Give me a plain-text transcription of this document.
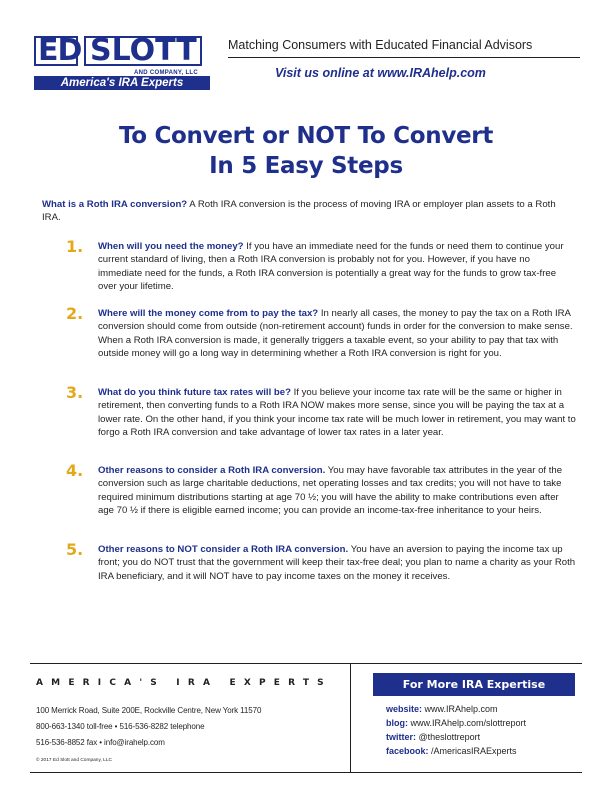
ED SLOTT
AND COMPANY, LLC
America's IRA Experts
Matching Consumers with Educated Financial Advisors
Visit us online at www.IRAhelp.com
To Convert or NOT To Convert
In 5 Easy Steps
What is a Roth IRA conversion? A Roth IRA conversion is the process of moving IRA or employer plan assets to a Roth IRA.
1. When will you need the money? If you have an immediate need for the funds or need them to continue your current standard of living, then a Roth IRA conversion is probably not for you. However, if you have no immediate need for the funds, a Roth IRA conversion is potentially a great way for the funds to grow tax-free over your lifetime.
2. Where will the money come from to pay the tax? In nearly all cases, the money to pay the tax on a Roth IRA conversion should come from outside (non-retirement account) funds in order for the conversion to make sense. When a Roth IRA conversion is made, it generally triggers a taxable event, so your ability to pay that tax with outside money will go a long way in determining whether a Roth IRA conversion is right for you.
3. What do you think future tax rates will be? If you believe your income tax rate will be the same or higher in retirement, then converting funds to a Roth IRA NOW makes more sense, since you will be paying the tax at a lower rate. On the other hand, if you think your income tax rate will be much lower in retirement, you may want to forgo a Roth IRA conversion and take advantage of lower tax rates in a later year.
4. Other reasons to consider a Roth IRA conversion. You may have favorable tax attributes in the year of the conversion such as large charitable deductions, net operating losses and tax credits; you will not have to take required minimum distributions starting at age 70 ½; you will have the ability to make contributions even after age 70 ½ if there is eligible earned income; you can provide an income-tax-free inheritance to your heirs.
5. Other reasons to NOT consider a Roth IRA conversion. You have an aversion to paying the income tax up front; you do NOT trust that the government will keep their tax-free deal; you plan to name a charity as your Roth IRA beneficiary, and it will NOT have to pay income taxes on the money it receives.
AMERICA'S IRA EXPERTS
100 Merrick Road, Suite 200E, Rockville Centre, New York 11570
800-663-1340 toll-free • 516-536-8282 telephone
516-536-8852 fax • info@irahelp.com
© 2017 Ed Slott and Company, LLC
For More IRA Expertise
website: www.IRAhelp.com
blog: www.IRAhelp.com/slottreport
twitter: @theslottreport
facebook: /AmericasIRAExperts
